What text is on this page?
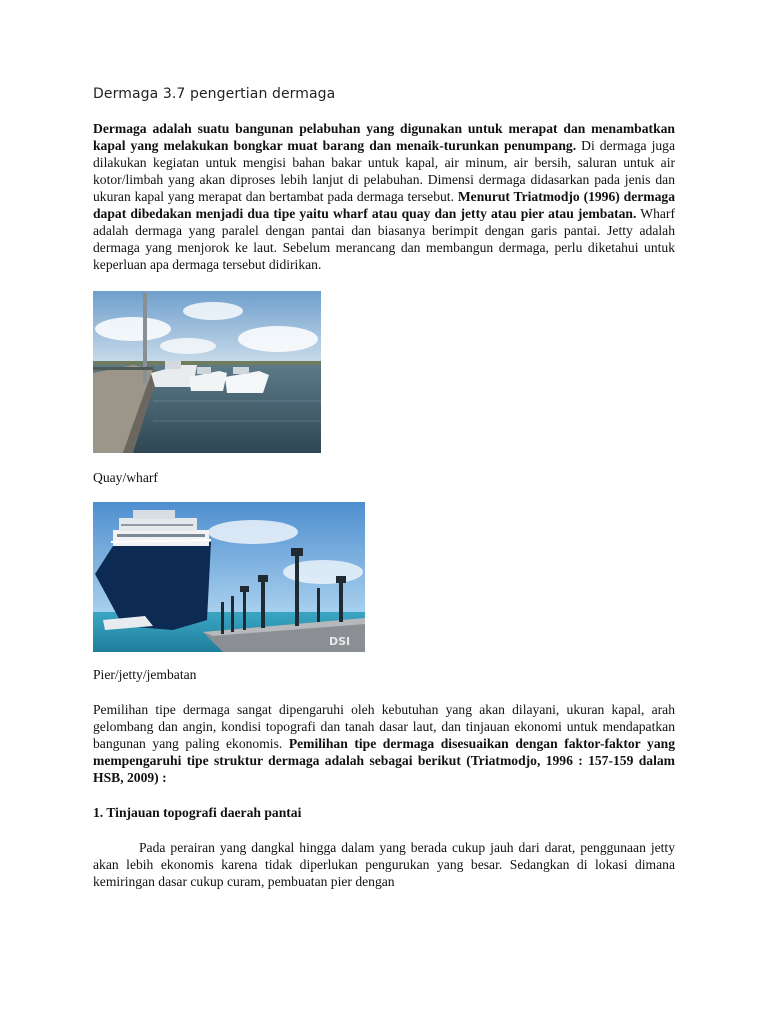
Dermaga 3.7 pengertian dermaga

Dermaga adalah suatu bangunan pelabuhan yang digunakan untuk merapat dan menambatkan kapal yang melakukan bongkar muat barang dan menaik-turunkan penumpang. Di dermaga juga dilakukan kegiatan untuk mengisi bahan bakar untuk kapal, air minum, air bersih, saluran untuk air kotor/limbah yang akan diproses lebih lanjut di pelabuhan. Dimensi dermaga didasarkan pada jenis dan ukuran kapal yang merapat dan bertambat pada dermaga tersebut. Menurut Triatmodjo (1996) dermaga dapat dibedakan menjadi dua tipe yaitu wharf atau quay dan jetty atau pier atau jembatan. Wharf adalah dermaga yang paralel dengan pantai dan biasanya berimpit dengan garis pantai. Jetty adalah dermaga yang menjorok ke laut. Sebelum merancang dan membangun dermaga, perlu diketahui untuk keperluan apa dermaga tersebut didirikan.

Quay/wharf
DSI
Pier/jetty/jembatan

Pemilihan tipe dermaga sangat dipengaruhi oleh kebutuhan yang akan dilayani, ukuran kapal, arah gelombang dan angin, kondisi topografi dan tanah dasar laut, dan tinjauan ekonomi untuk mendapatkan bangunan yang paling ekonomis. Pemilihan tipe dermaga disesuaikan dengan faktor-faktor yang mempengaruhi tipe struktur dermaga adalah sebagai berikut (Triatmodjo, 1996 : 157-159 dalam HSB, 2009) :

1. Tinjauan topografi daerah pantai

Pada perairan yang dangkal hingga dalam yang berada cukup jauh dari darat, penggunaan jetty akan lebih ekonomis karena tidak diperlukan pengurukan yang besar. Sedangkan di lokasi dimana kemiringan dasar cukup curam, pembuatan pier dengan
